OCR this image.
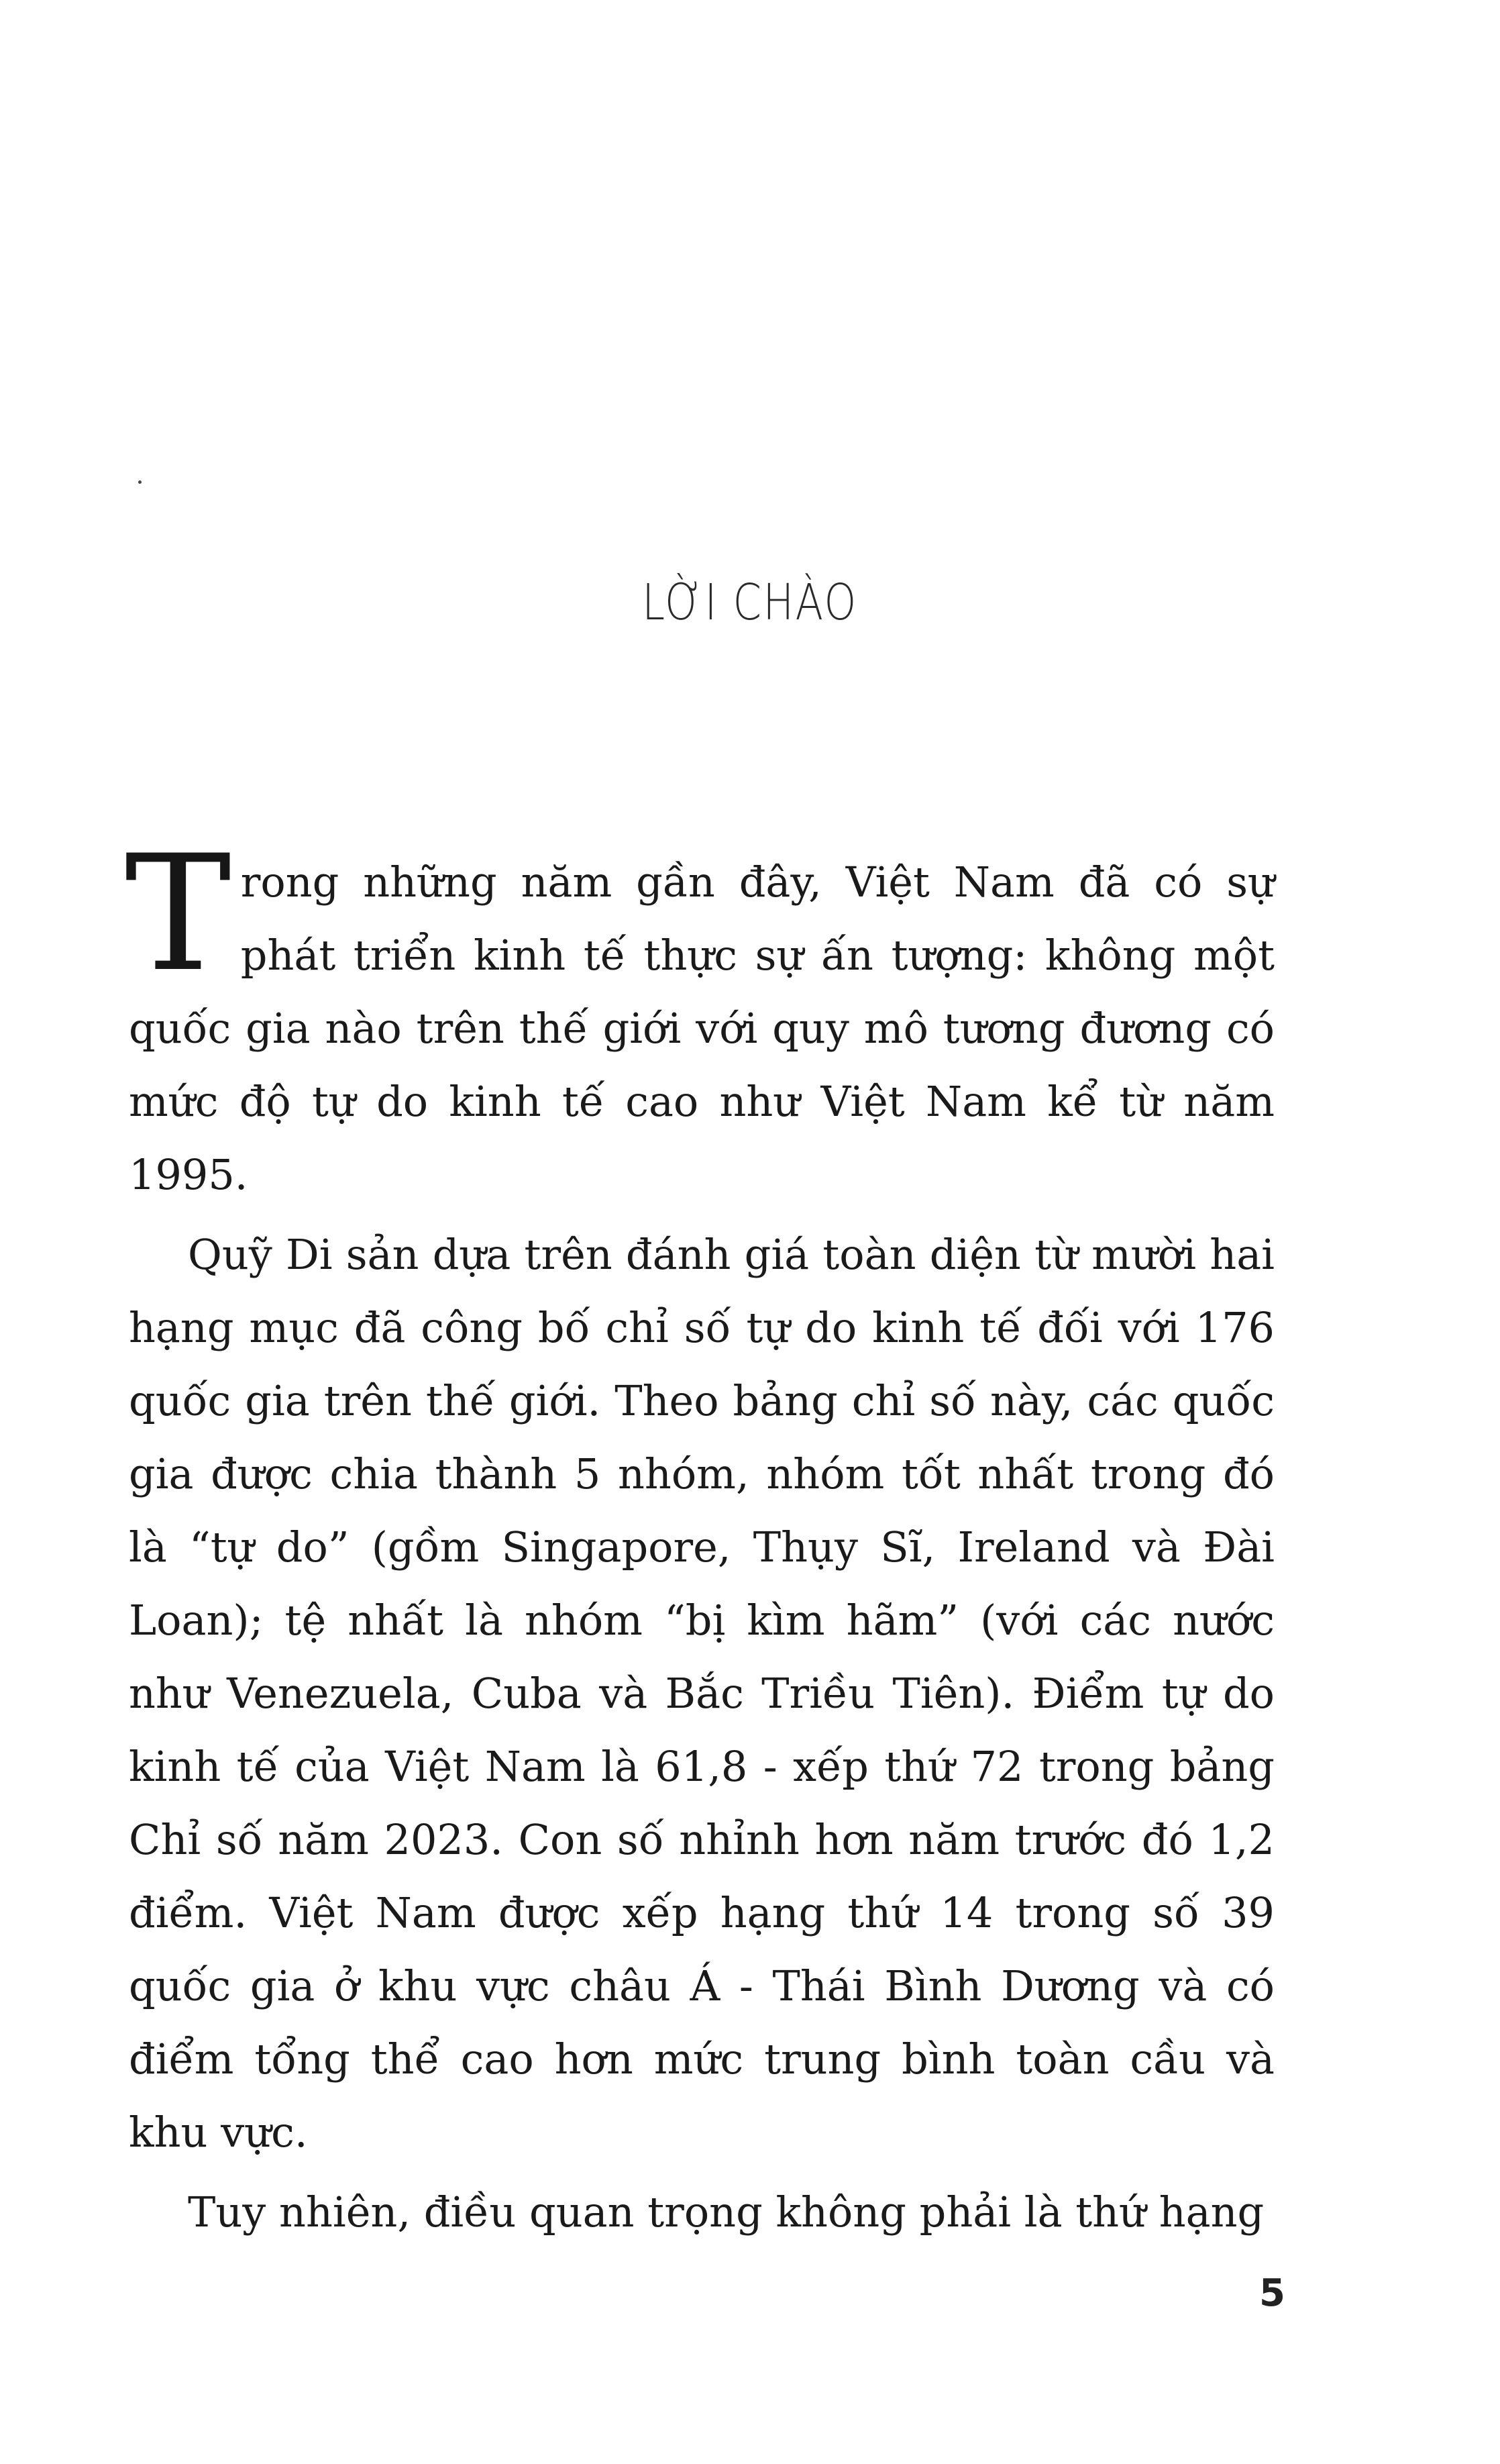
LỜI CHÀO

Trong những năm gần đây, Việt Nam đã có sự phát triển kinh tế thực sự ấn tượng: không một quốc gia nào trên thế giới với quy mô tương đương có mức độ tự do kinh tế cao như Việt Nam kể từ năm 1995.

Quỹ Di sản dựa trên đánh giá toàn diện từ mười hai hạng mục đã công bố chỉ số tự do kinh tế đối với 176 quốc gia trên thế giới. Theo bảng chỉ số này, các quốc gia được chia thành 5 nhóm, nhóm tốt nhất trong đó là “tự do” (gồm Singapore, Thụy Sĩ, Ireland và Đài Loan); tệ nhất là nhóm “bị kìm hãm” (với các nước như Venezuela, Cuba và Bắc Triều Tiên). Điểm tự do kinh tế của Việt Nam là 61,8 - xếp thứ 72 trong bảng Chỉ số năm 2023. Con số nhỉnh hơn năm trước đó 1,2 điểm. Việt Nam được xếp hạng thứ 14 trong số 39 quốc gia ở khu vực châu Á - Thái Bình Dương và có điểm tổng thể cao hơn mức trung bình toàn cầu và khu vực.

Tuy nhiên, điều quan trọng không phải là thứ hạng

5
